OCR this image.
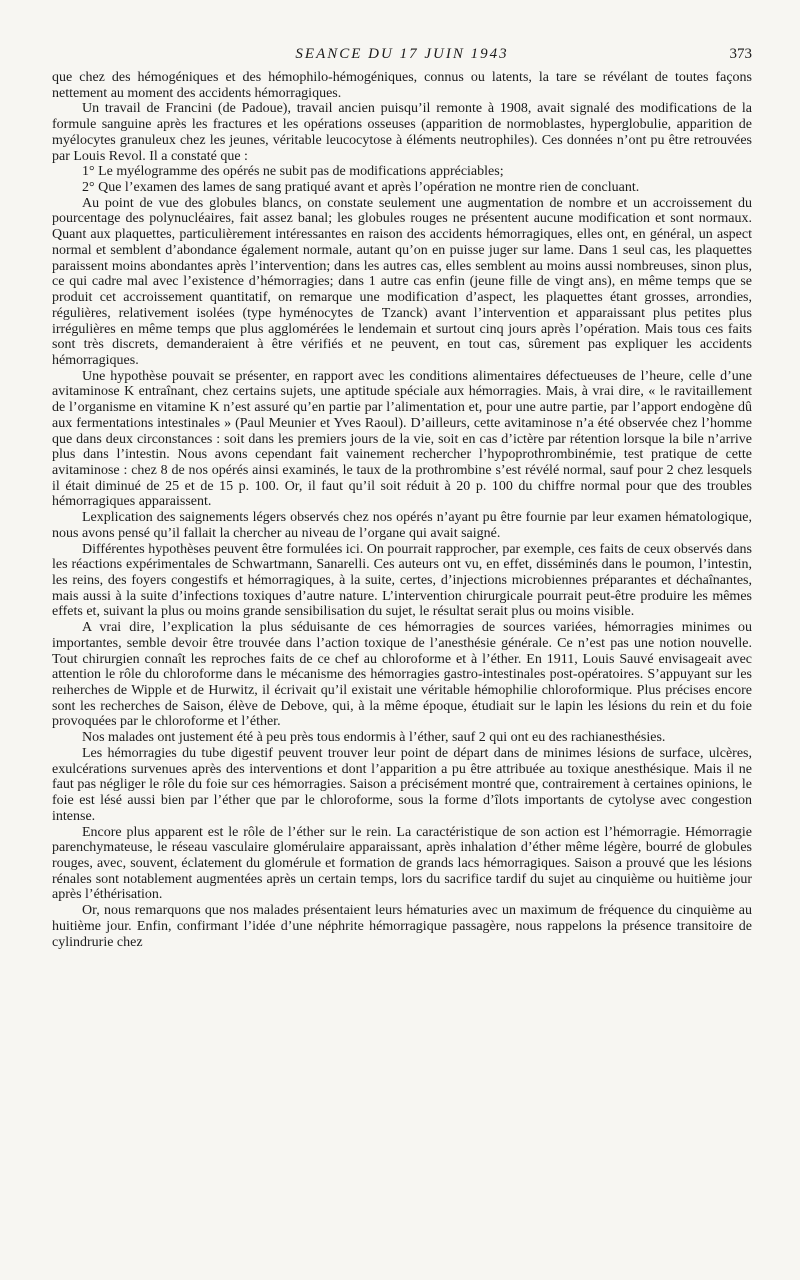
SEANCE DU 17 JUIN 1943	373

que chez des hémogéniques et des hémophilo-hémogéniques, connus ou latents, la tare se révélant de toutes façons nettement au moment des accidents hémorragiques.

Un travail de Francini (de Padoue), travail ancien puisqu’il remonte à 1908, avait signalé des modifications de la formule sanguine après les fractures et les opérations osseuses (apparition de normoblastes, hyperglobulie, apparition de myélocytes granuleux chez les jeunes, véritable leucocytose à éléments neutrophiles). Ces données n’ont pu être retrouvées par Louis Revol. Il a constaté que :

1° Le myélogramme des opérés ne subit pas de modifications appréciables;

2° Que l’examen des lames de sang pratiqué avant et après l’opération ne montre rien de concluant.

Au point de vue des globules blancs, on constate seulement une augmentation de nombre et un accroissement du pourcentage des polynucléaires, fait assez banal; les globules rouges ne présentent aucune modification et sont normaux. Quant aux plaquettes, particulièrement intéressantes en raison des accidents hémorragiques, elles ont, en général, un aspect normal et semblent d’abondance également normale, autant qu’on en puisse juger sur lame. Dans 1 seul cas, les plaquettes paraissent moins abondantes après l’intervention; dans les autres cas, elles semblent au moins aussi nombreuses, sinon plus, ce qui cadre mal avec l’existence d’hémorragies; dans 1 autre cas enfin (jeune fille de vingt ans), en même temps que se produit cet accroissement quantitatif, on remarque une modification d’aspect, les plaquettes étant grosses, arrondies, régulières, relativement isolées (type hyménocytes de Tzanck) avant l’intervention et apparaissant plus petites plus irrégulières en même temps que plus agglomérées le lendemain et surtout cinq jours après l’opération. Mais tous ces faits sont très discrets, demanderaient à être vérifiés et ne peuvent, en tout cas, sûrement pas expliquer les accidents hémorragiques.

Une hypothèse pouvait se présenter, en rapport avec les conditions alimentaires défectueuses de l’heure, celle d’une avitaminose K entraînant, chez certains sujets, une aptitude spéciale aux hémorragies. Mais, à vrai dire, « le ravitaillement de l’organisme en vitamine K n’est assuré qu’en partie par l’alimentation et, pour une autre partie, par l’apport endogène dû aux fermentations intestinales » (Paul Meunier et Yves Raoul). D’ailleurs, cette avitaminose n’a été observée chez l’homme que dans deux circonstances : soit dans les premiers jours de la vie, soit en cas d’ictère par rétention lorsque la bile n’arrive plus dans l’intestin. Nous avons cependant fait vainement rechercher l’hypoprothrombinémie, test pratique de cette avitaminose : chez 8 de nos opérés ainsi examinés, le taux de la prothrombine s’est révélé normal, sauf pour 2 chez lesquels il était diminué de 25 et de 15 p. 100. Or, il faut qu’il soit réduit à 20 p. 100 du chiffre normal pour que des troubles hémorragiques apparaissent.

Lexplication des saignements légers observés chez nos opérés n’ayant pu être fournie par leur examen hématologique, nous avons pensé qu’il fallait la chercher au niveau de l’organe qui avait saigné.

Différentes hypothèses peuvent être formulées ici. On pourrait rapprocher, par exemple, ces faits de ceux observés dans les réactions expérimentales de Schwartmann, Sanarelli. Ces auteurs ont vu, en effet, disséminés dans le poumon, l’intestin, les reins, des foyers congestifs et hémorragiques, à la suite, certes, d’injections microbiennes préparantes et déchaînantes, mais aussi à la suite d’infections toxiques d’autre nature. L’intervention chirurgicale pourrait peut-être produire les mêmes effets et, suivant la plus ou moins grande sensibilisation du sujet, le résultat serait plus ou moins visible.

A vrai dire, l’explication la plus séduisante de ces hémorragies de sources variées, hémorragies minimes ou importantes, semble devoir être trouvée dans l’action toxique de l’anesthésie générale. Ce n’est pas une notion nouvelle. Tout chirurgien connaît les reproches faits de ce chef au chloroforme et à l’éther. En 1911, Louis Sauvé envisageait avec attention le rôle du chloroforme dans le mécanisme des hémorragies gastro-intestinales post-opératoires. S’appuyant sur les reıherches de Wipple et de Hurwitz, il écrivait qu’il existait une véritable hémophilie chloroformique. Plus précises encore sont les recherches de Saison, élève de Debove, qui, à la même époque, étudiait sur le lapin les lésions du rein et du foie provoquées par le chloroforme et l’éther.

Nos malades ont justement été à peu près tous endormis à l’éther, sauf 2 qui ont eu des rachianesthésies.

Les hémorragies du tube digestif peuvent trouver leur point de départ dans de minimes lésions de surface, ulcères, exulcérations survenues après des interventions et dont l’apparition a pu être attribuée au toxique anesthésique. Mais il ne faut pas négliger le rôle du foie sur ces hémorragies. Saison a précisément montré que, contrairement à certaines opinions, le foie est lésé aussi bien par l’éther que par le chloroforme, sous la forme d’îlots importants de cytolyse avec congestion intense.

Encore plus apparent est le rôle de l’éther sur le rein. La caractéristique de son action est l’hémorragie. Hémorragie parenchymateuse, le réseau vasculaire glomérulaire apparaissant, après inhalation d’éther même légère, bourré de globules rouges, avec, souvent, éclatement du glomérule et formation de grands lacs hémorragiques. Saison a prouvé que les lésions rénales sont notablement augmentées après un certain temps, lors du sacrifice tardif du sujet au cinquième ou huitième jour après l’éthérisation.

Or, nous remarquons que nos malades présentaient leurs hématuries avec un maximum de fréquence du cinquième au huitième jour. Enfin, confirmant l’idée d’une néphrite hémorragique passagère, nous rappelons la présence transitoire de cylindrurie chez
